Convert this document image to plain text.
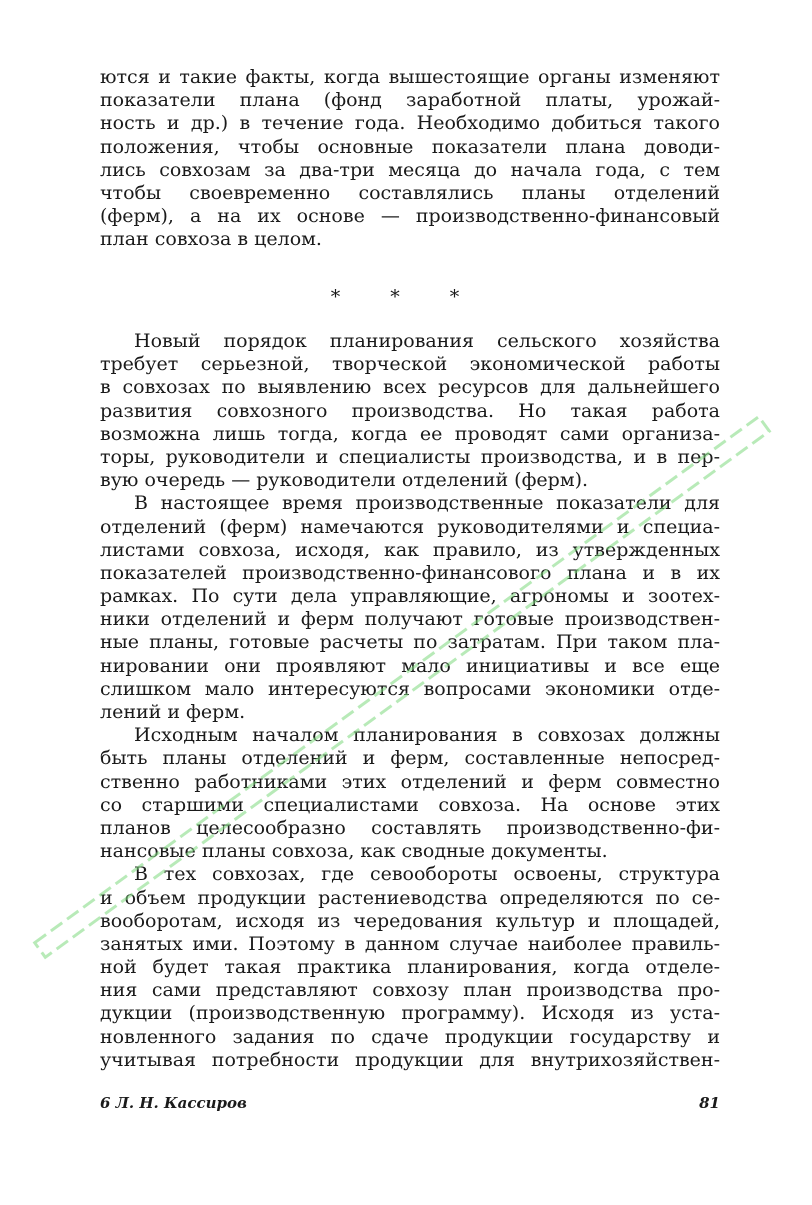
ются и такие факты, когда вышестоящие органы изменяют
показатели плана (фонд заработной платы, урожай-
ность и др.) в течение года. Необходимо добиться такого
положения, чтобы основные показатели плана доводи-
лись совхозам за два-три месяца до начала года, с тем
чтобы своевременно составлялись планы отделений
(ферм), а на их основе — производственно-финансовый
план совхоза в целом.
* * *
Новый порядок планирования сельского хозяйства
требует серьезной, творческой экономической работы
в совхозах по выявлению всех ресурсов для дальнейшего
развития совхозного производства. Но такая работа
возможна лишь тогда, когда ее проводят сами организа-
торы, руководители и специалисты производства, и в пер-
вую очередь — руководители отделений (ферм).
В настоящее время производственные показатели для
отделений (ферм) намечаются руководителями и специа-
листами совхоза, исходя, как правило, из утвержденных
показателей производственно-финансового плана и в их
рамках. По сути дела управляющие, агрономы и зоотех-
ники отделений и ферм получают готовые производствен-
ные планы, готовые расчеты по затратам. При таком пла-
нировании они проявляют мало инициативы и все еще
слишком мало интересуются вопросами экономики отде-
лений и ферм.
Исходным началом планирования в совхозах должны
быть планы отделений и ферм, составленные непосред-
ственно работниками этих отделений и ферм совместно
со старшими специалистами совхоза. На основе этих
планов целесообразно составлять производственно-фи-
нансовые планы совхоза, как сводные документы.
В тех совхозах, где севообороты освоены, структура
и объем продукции растениеводства определяются по се-
вооборотам, исходя из чередования культур и площадей,
занятых ими. Поэтому в данном случае наиболее правиль-
ной будет такая практика планирования, когда отделе-
ния сами представляют совхозу план производства про-
дукции (производственную программу). Исходя из уста-
новленного задания по сдаче продукции государству и
учитывая потребности продукции для внутрихозяйствен-
6 Л. Н. Кассиров	81
